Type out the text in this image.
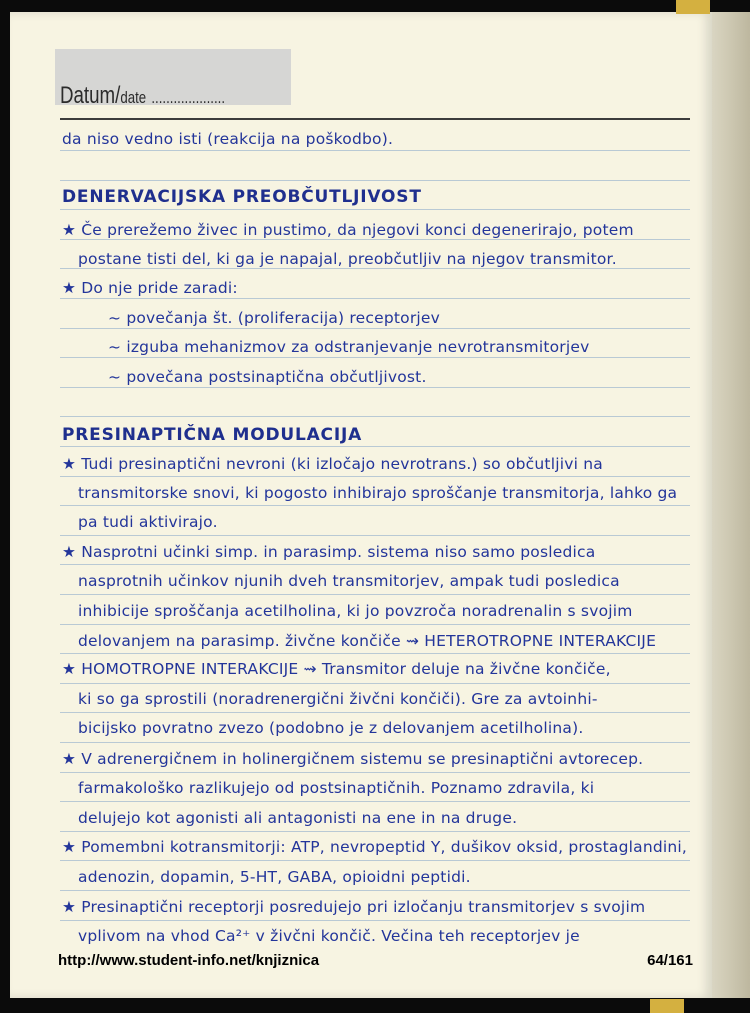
Datum/date ....................
da niso vedno isti (reakcija na poškodbo).
DENERVACIJSKA PREOBČUTLJIVOST
★ Če prerežemo živec in pustimo, da njegovi konci degenerirajo, potem
postane tisti del, ki ga je napajal, preobčutljiv na njegov transmitor.
★ Do nje pride zaradi:
~ povečanja št. (proliferacija) receptorjev
~ izguba mehanizmov za odstranjevanje nevrotransmitorjev
~ povečana postsinaptična občutljivost.
PRESINAPTIČNA MODULACIJA
★ Tudi presinaptični nevroni (ki izločajo nevrotrans.) so občutljivi na
transmitorske snovi, ki pogosto inhibirajo sproščanje transmitorja, lahko ga
pa tudi aktivirajo.
★ Nasprotni učinki simp. in parasimp. sistema niso samo posledica
nasprotnih učinkov njunih dveh transmitorjev, ampak tudi posledica
inhibicije sproščanja acetilholina, ki jo povzroča noradrenalin s svojim
delovanjem na parasimp. živčne končiče ⇝ HETEROTROPNE INTERAKCIJE
★ HOMOTROPNE INTERAKCIJE ⇝ Transmitor deluje na živčne končiče,
ki so ga sprostili (noradrenergični živčni končiči). Gre za avtoinhi-
bicijsko povratno zvezo (podobno je z delovanjem acetilholina).
★ V adrenergičnem in holinergičnem sistemu se presinaptični avtorecep.
farmakološko razlikujejo od postsinaptičnih. Poznamo zdravila, ki
delujejo kot agonisti ali antagonisti na ene in na druge.
★ Pomembni kotransmitorji: ATP, nevropeptid Y, dušikov oksid, prostaglandini,
adenozin, dopamin, 5-HT, GABA, opioidni peptidi.
★ Presinaptični receptorji posredujejo pri izločanju transmitorjev s svojim
vplivom na vhod Ca²⁺ v živčni končič. Večina teh receptorjev je
http://www.student-info.net/knjiznica	64/161
